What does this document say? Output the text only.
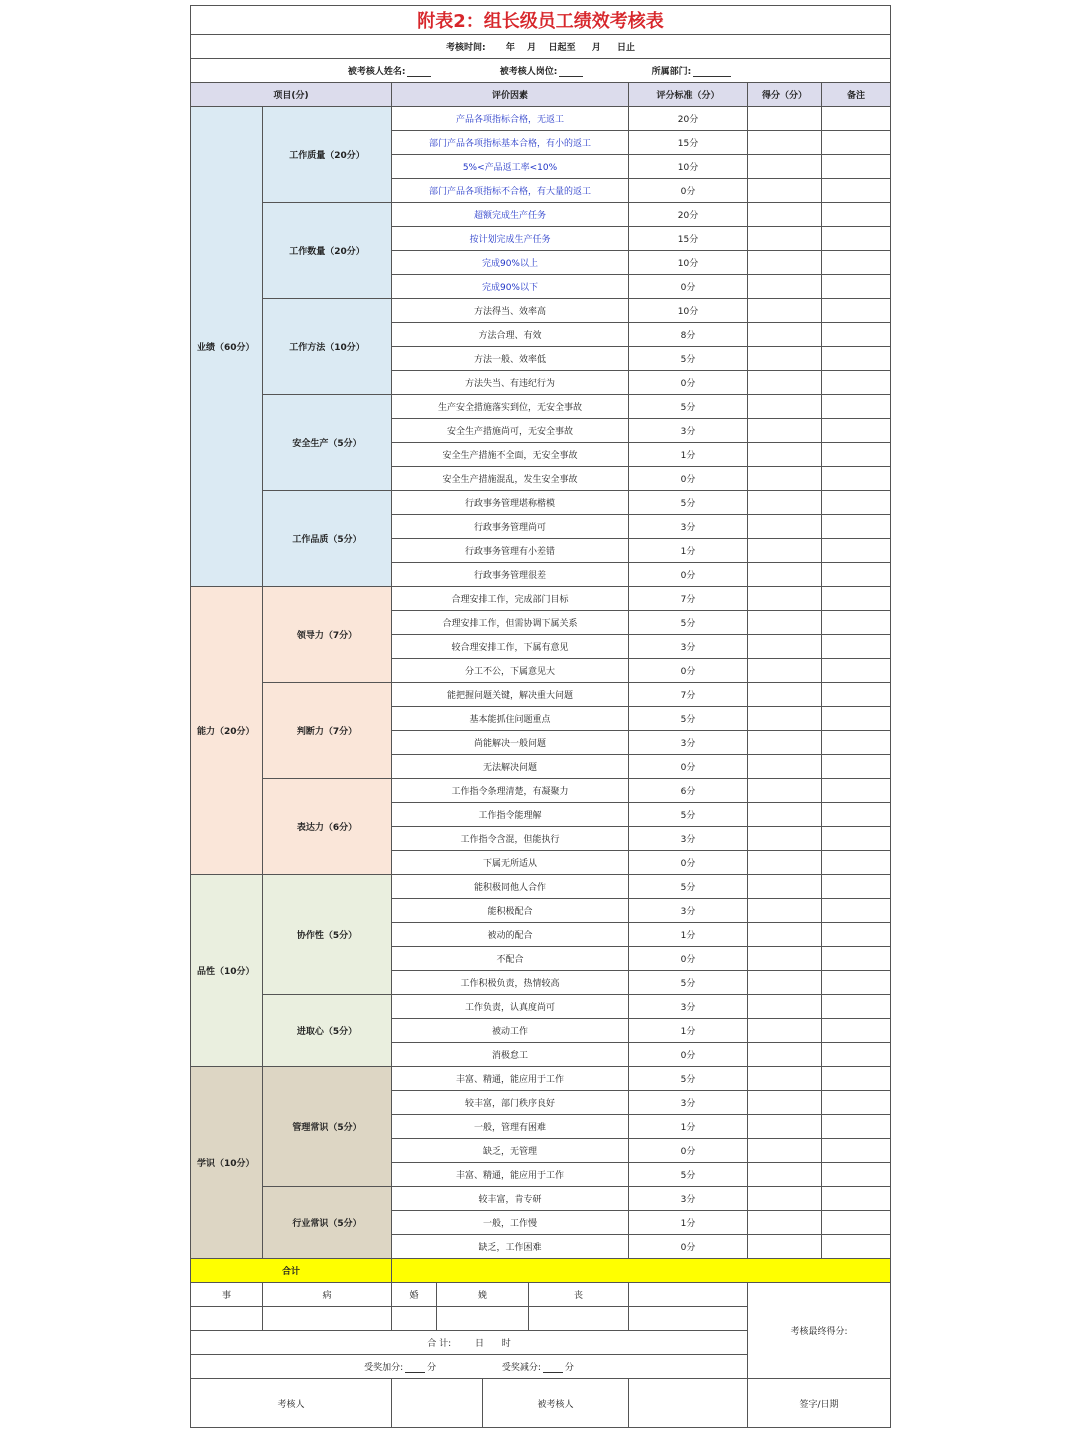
附表2：组长级员工绩效考核表								
考核时间: 年 月 日起至 月 日止								
被考核人姓名: 被考核人岗位: 所属部门:								
项目(分)		评价因素				评分标准（分）	得分（分）	备注
业绩（60分）	工作质量（20分）	产品各项指标合格，无返工				20分		
		部门产品各项指标基本合格，有小的返工				15分		
		5%<产品返工率<10%				10分		
		部门产品各项指标不合格，有大量的返工				0分		
	工作数量（20分）	超额完成生产任务				20分		
		按计划完成生产任务				15分		
		完成90%以上				10分		
		完成90%以下				0分		
	工作方法（10分）	方法得当、效率高				10分		
		方法合理、有效				8分		
		方法一般、效率低				5分		
		方法失当、有违纪行为				0分		
	安全生产（5分）	生产安全措施落实到位，无安全事故				5分		
		安全生产措施尚可，无安全事故				3分		
		安全生产措施不全面，无安全事故				1分		
		安全生产措施混乱，发生安全事故				0分		
	工作品质（5分）	行政事务管理堪称楷模				5分		
		行政事务管理尚可				3分		
		行政事务管理有小差错				1分		
		行政事务管理很差				0分		
能力（20分）	领导力（7分）	合理安排工作，完成部门目标				7分		
		合理安排工作，但需协调下属关系				5分		
		较合理安排工作，下属有意见				3分		
		分工不公，下属意见大				0分		
	判断力（7分）	能把握问题关键，解决重大问题				7分		
		基本能抓住问题重点				5分		
		尚能解决一般问题				3分		
		无法解决问题				0分		
	表达力（6分）	工作指令条理清楚，有凝聚力				6分		
		工作指令能理解				5分		
		工作指令含混，但能执行				3分		
		下属无所适从				0分		
品性（10分）	协作性（5分）	能积极同他人合作				5分		
		能积极配合				3分		
		被动的配合				1分		
		不配合				0分		
		工作积极负责，热情较高				5分		
	进取心（5分）	工作负责，认真度尚可				3分		
		被动工作				1分		
		消极怠工				0分		
学识（10分）	管理常识（5分）	丰富、精通，能应用于工作				5分		
		较丰富，部门秩序良好				3分		
		一般，管理有困难				1分		
		缺乏，无管理				0分		
		丰富、精通，能应用于工作				5分		
	行业常识（5分）	较丰富，肯专研				3分		
		一般，工作慢				1分		
		缺乏，工作困难				0分		
合计								
事	病	婚	娩		丧		考核最终得分:	

合 计: 日 时								
受奖加分: 分 受奖减分: 分								
考核人				被考核人			签字/日期	
